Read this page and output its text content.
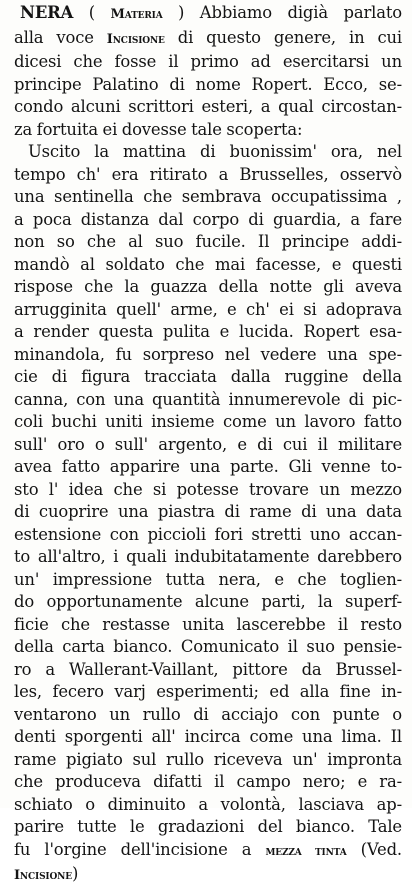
NERA ( Materia ) Abbiamo digià parlato
alla voce Incisione di questo genere, in cui
dicesi che fosse il primo ad esercitarsi un
principe Palatino di nome Ropert. Ecco, se-
condo alcuni scrittori esteri, a qual circostan-
za fortuita ei dovesse tale scoperta:
Uscito la mattina di buonissim' ora, nel
tempo ch' era ritirato a Brusselles, osservò
una sentinella che sembrava occupatissima ,
a poca distanza dal corpo di guardia, a fare
non so che al suo fucile. Il principe addi-
mandò al soldato che mai facesse, e questi
rispose che la guazza della notte gli aveva
arrugginita quell' arme, e ch' ei si adoprava
a render questa pulita e lucida. Ropert esa-
minandola, fu sorpreso nel vedere una spe-
cie di figura tracciata dalla ruggine della
canna, con una quantità innumerevole di pic-
coli buchi uniti insieme come un lavoro fatto
sull' oro o sull' argento, e di cui il militare
avea fatto apparire una parte. Gli venne to-
sto l' idea che si potesse trovare un mezzo
di cuoprire una piastra di rame di una data
estensione con piccioli fori stretti uno accan-
to all'altro, i quali indubitatamente darebbero
un' impressione tutta nera, e che toglien-
do opportunamente alcune parti, la superf-
ficie che restasse unita lascerebbe il resto
della carta bianco. Comunicato il suo pensie-
ro a Wallerant-Vaillant, pittore da Brussel-
les, fecero varj esperimenti; ed alla fine in-
ventarono un rullo di acciajo con punte o
denti sporgenti all' incirca come una lima. Il
rame pigiato sul rullo riceveva un' impronta
che produceva difatti il campo nero; e ra-
schiato o diminuito a volontà, lasciava ap-
parire tutte le gradazioni del bianco. Tale
fu l'orgine dell'incisione a mezza tinta (Ved.
Incisione)
